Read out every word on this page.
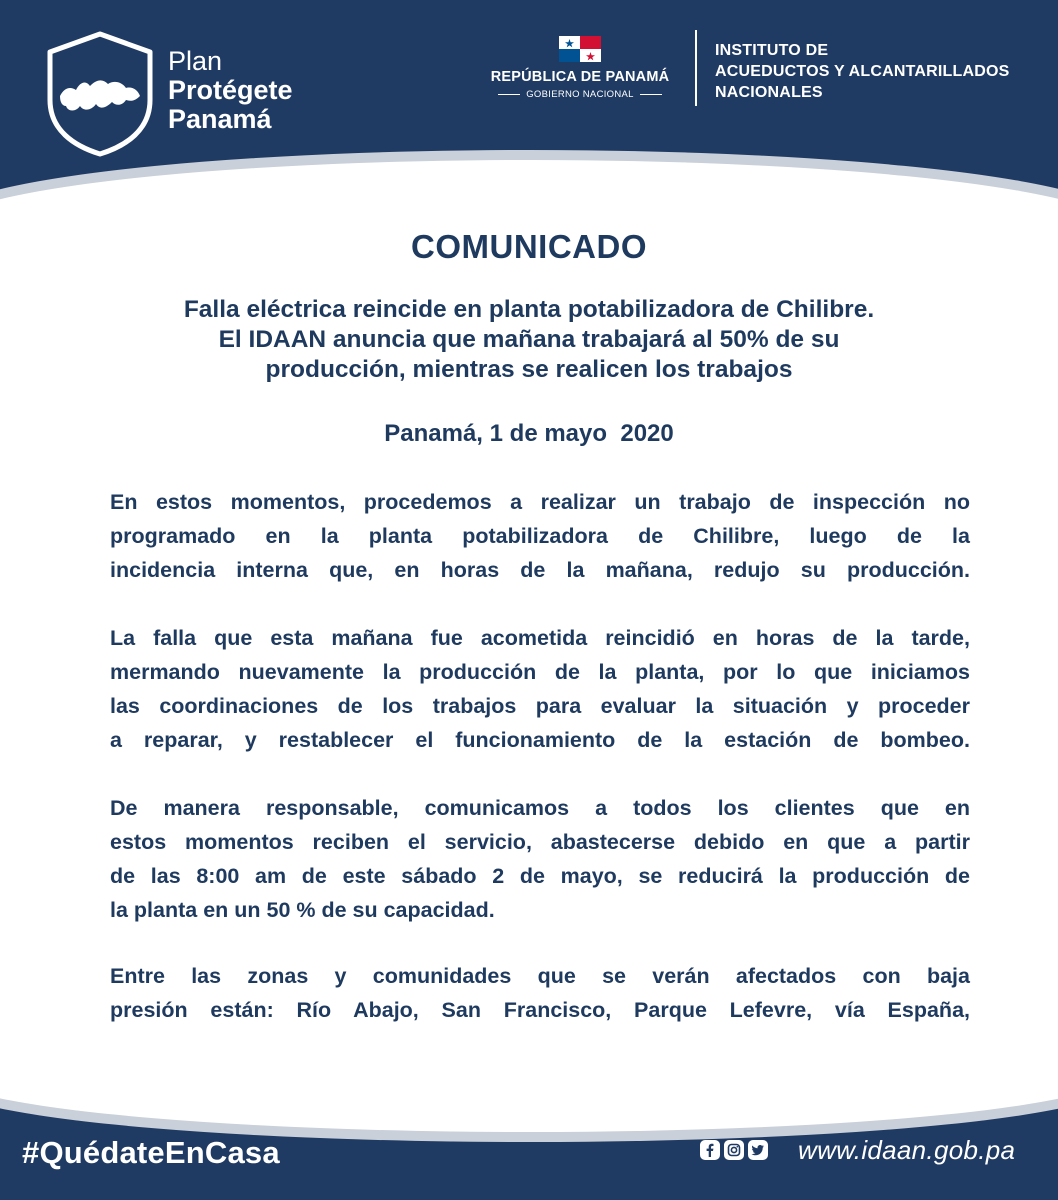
Plan
Protégete
Panamá
REPÚBLICA DE PANAMÁ
GOBIERNO NACIONAL
INSTITUTO DE
ACUEDUCTOS Y ALCANTARILLADOS
NACIONALES
COMUNICADO
Falla eléctrica reincide en planta potabilizadora de Chilibre.
El IDAAN anuncia que mañana trabajará al 50% de su
producción, mientras se realicen los trabajos
Panamá, 1 de mayo  2020
En estos momentos, procedemos a realizar un trabajo de inspección no
programado en la planta potabilizadora de Chilibre, luego de la
incidencia interna que, en horas de la mañana, redujo su producción.
La falla que esta mañana fue acometida reincidió en horas de la tarde,
mermando nuevamente la producción de la planta, por lo que iniciamos
las coordinaciones de los trabajos para evaluar la situación y proceder
a reparar, y restablecer el funcionamiento de la estación de bombeo.
De manera responsable, comunicamos a todos los clientes que en
estos momentos reciben el servicio, abastecerse debido en que a partir
de las 8:00 am de este sábado 2 de mayo, se reducirá la producción de
la planta en un 50 % de su capacidad.
Entre las zonas y comunidades que se verán afectados con baja
presión están: Río Abajo, San Francisco, Parque Lefevre, vía España,
#QuédateEnCasa	www.idaan.gob.pa
